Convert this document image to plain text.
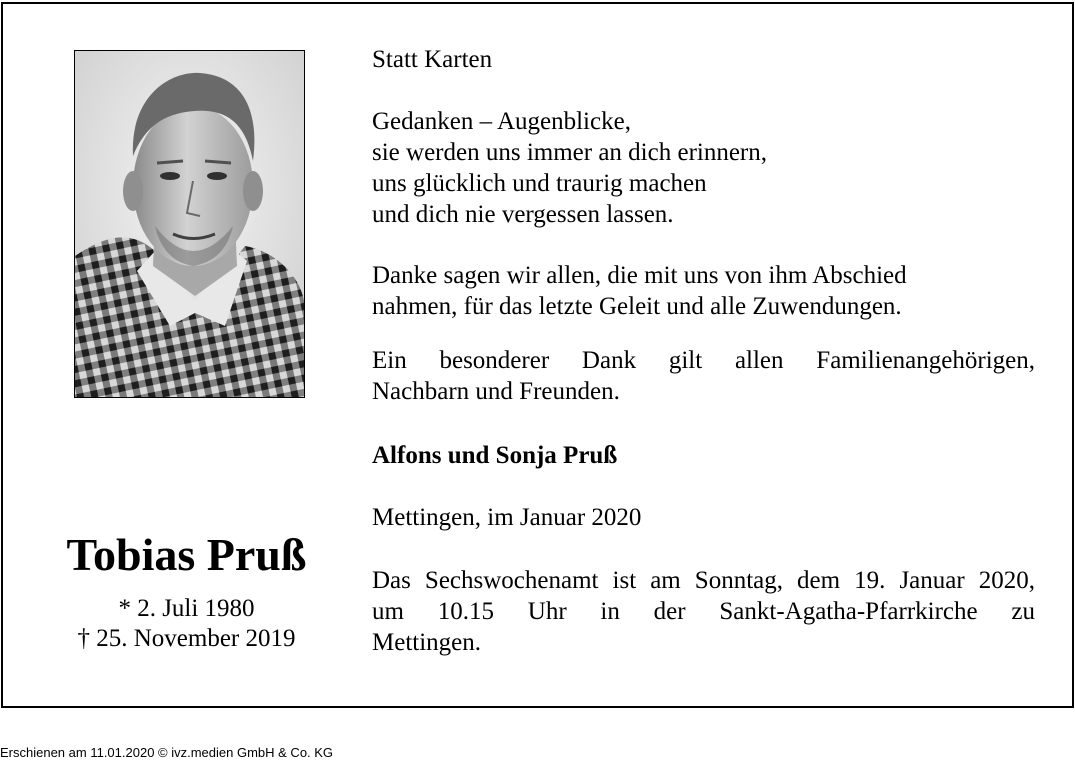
Tobias Pruß
* 2. Juli 1980
† 25. November 2019
Statt Karten

Gedanken – Augenblicke,

sie werden uns immer an dich erinnern,

uns glücklich und traurig machen

und dich nie vergessen lassen.

Danke sagen wir allen, die mit uns von ihm Abschied

nahmen, für das letzte Geleit und alle Zuwendungen.

Ein besonderer Dank gilt allen Familienangehörigen,

Nachbarn und Freunden.

Alfons und Sonja Pruß
Mettingen, im Januar 2020

Das Sechswochenamt ist am Sonntag, dem 19. Januar 2020,

um 10.15 Uhr in der Sankt-Agatha-Pfarrkirche zu

Mettingen.

Erschienen am 11.01.2020 © ivz.medien GmbH & Co. KG
